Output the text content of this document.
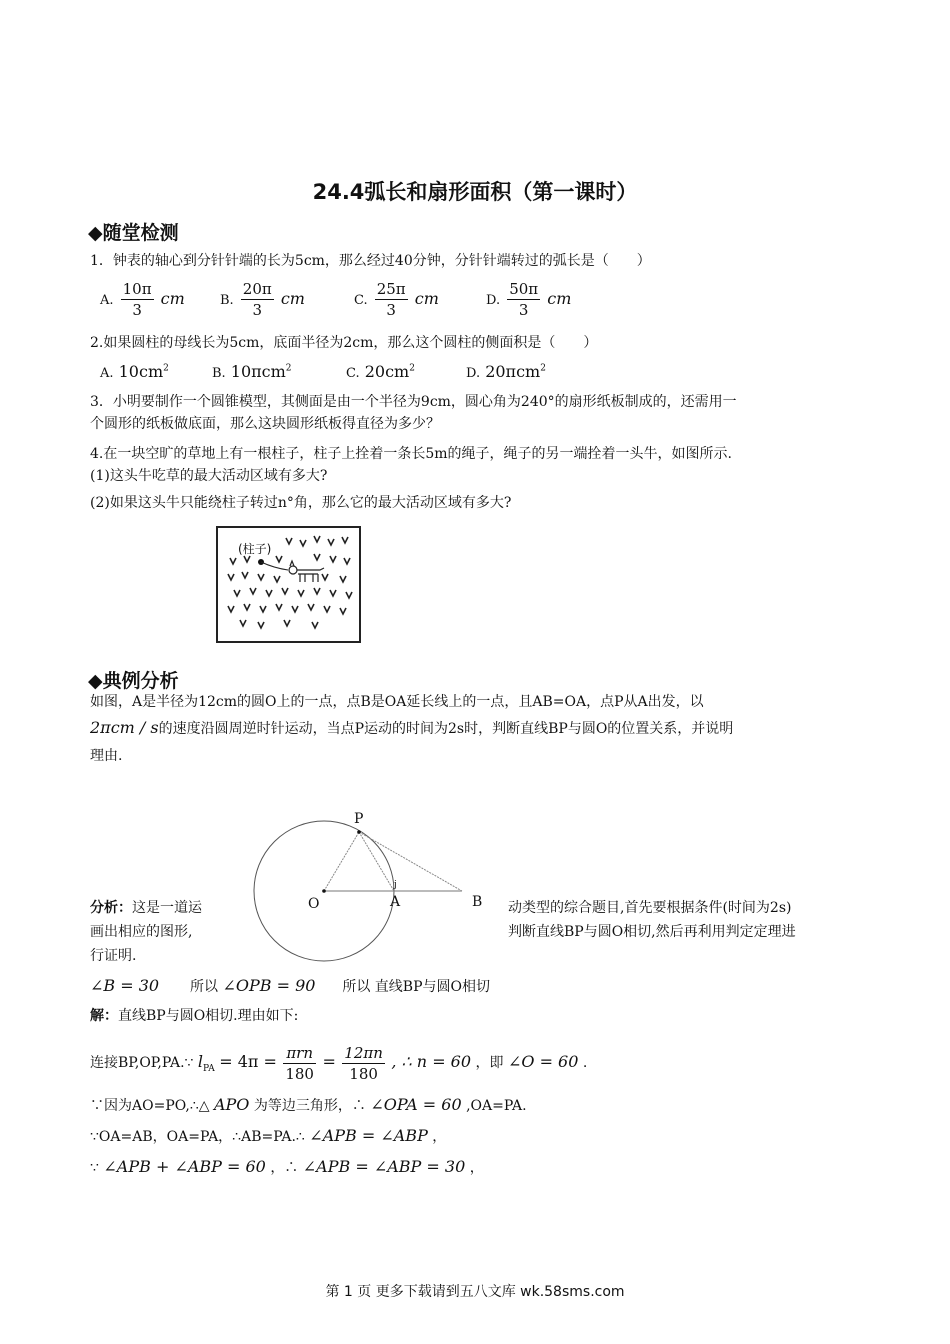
24.4弧长和扇形面积（第一课时）
◆随堂检测
1．钟表的轴心到分针针端的长为5cm，那么经过40分钟，分针针端转过的弧长是（　　）
A. $\frac{10\pi}{3}$ cm	B. $\frac{20\pi}{3}$ cm	C. $\frac{25\pi}{3}$ cm	D. $\frac{50\pi}{3}$ cm
2.如果圆柱的母线长为5cm，底面半径为2cm，那么这个圆柱的侧面积是（　　）
A. $10cm^2$	B. 10πcm$^2$	C. $20cm^2$	D. 20πcm$^2$
3．小明要制作一个圆锥模型，其侧面是由一个半径为9cm，圆心角为240°的扇形纸板制成的，还需用一
个圆形的纸板做底面，那么这块圆形纸板得直径为多少？
4.在一块空旷的草地上有一根柱子，柱子上拴着一条长5m的绳子，绳子的另一端拴着一头牛，如图所示.
(1)这头牛吃草的最大活动区域有多大?
(2)如果这头牛只能绕柱子转过n°角，那么它的最大活动区域有多大?
(柱子)
◆典例分析
如图，A是半径为12cm的圆O上的一点，点B是OA延长线上的一点，且AB=OA，点P从A出发，以
2πcm / s的速度沿圆周逆时针运动，当点P运动的时间为2s时，判断直线BP与圆O的位置关系，并说明
理由.
P
O	A	B
j
分析：这是一道运
画出相应的图形,
行证明.
动类型的综合题目,首先要根据条件(时间为2s)
判断直线BP与圆O相切,然后再利用判定定理进
∠B = 30 所以 ∠OPB = 90 所以 直线BP与圆O相切
解：直线BP与圆O相切.理由如下:
连接BP,OP,PA.∵ $l_{PA} = 4\pi = \frac{\text{πrn}}{180} = \frac{12\pi n}{180}$ , ∴ n = 60 ，即 ∠O = 60 .
∵因为AO=PO,∴△ APO 为等边三角形，∴ ∠OPA = 60 ,OA=PA.
∵OA=AB，OA=PA，∴AB=PA.∴ ∠APB = ∠ABP ，
∵ ∠APB + ∠ABP = 60 ，∴ ∠APB = ∠ABP = 30 ，
第 1 页 更多下载请到五八文库 wk.58sms.com
